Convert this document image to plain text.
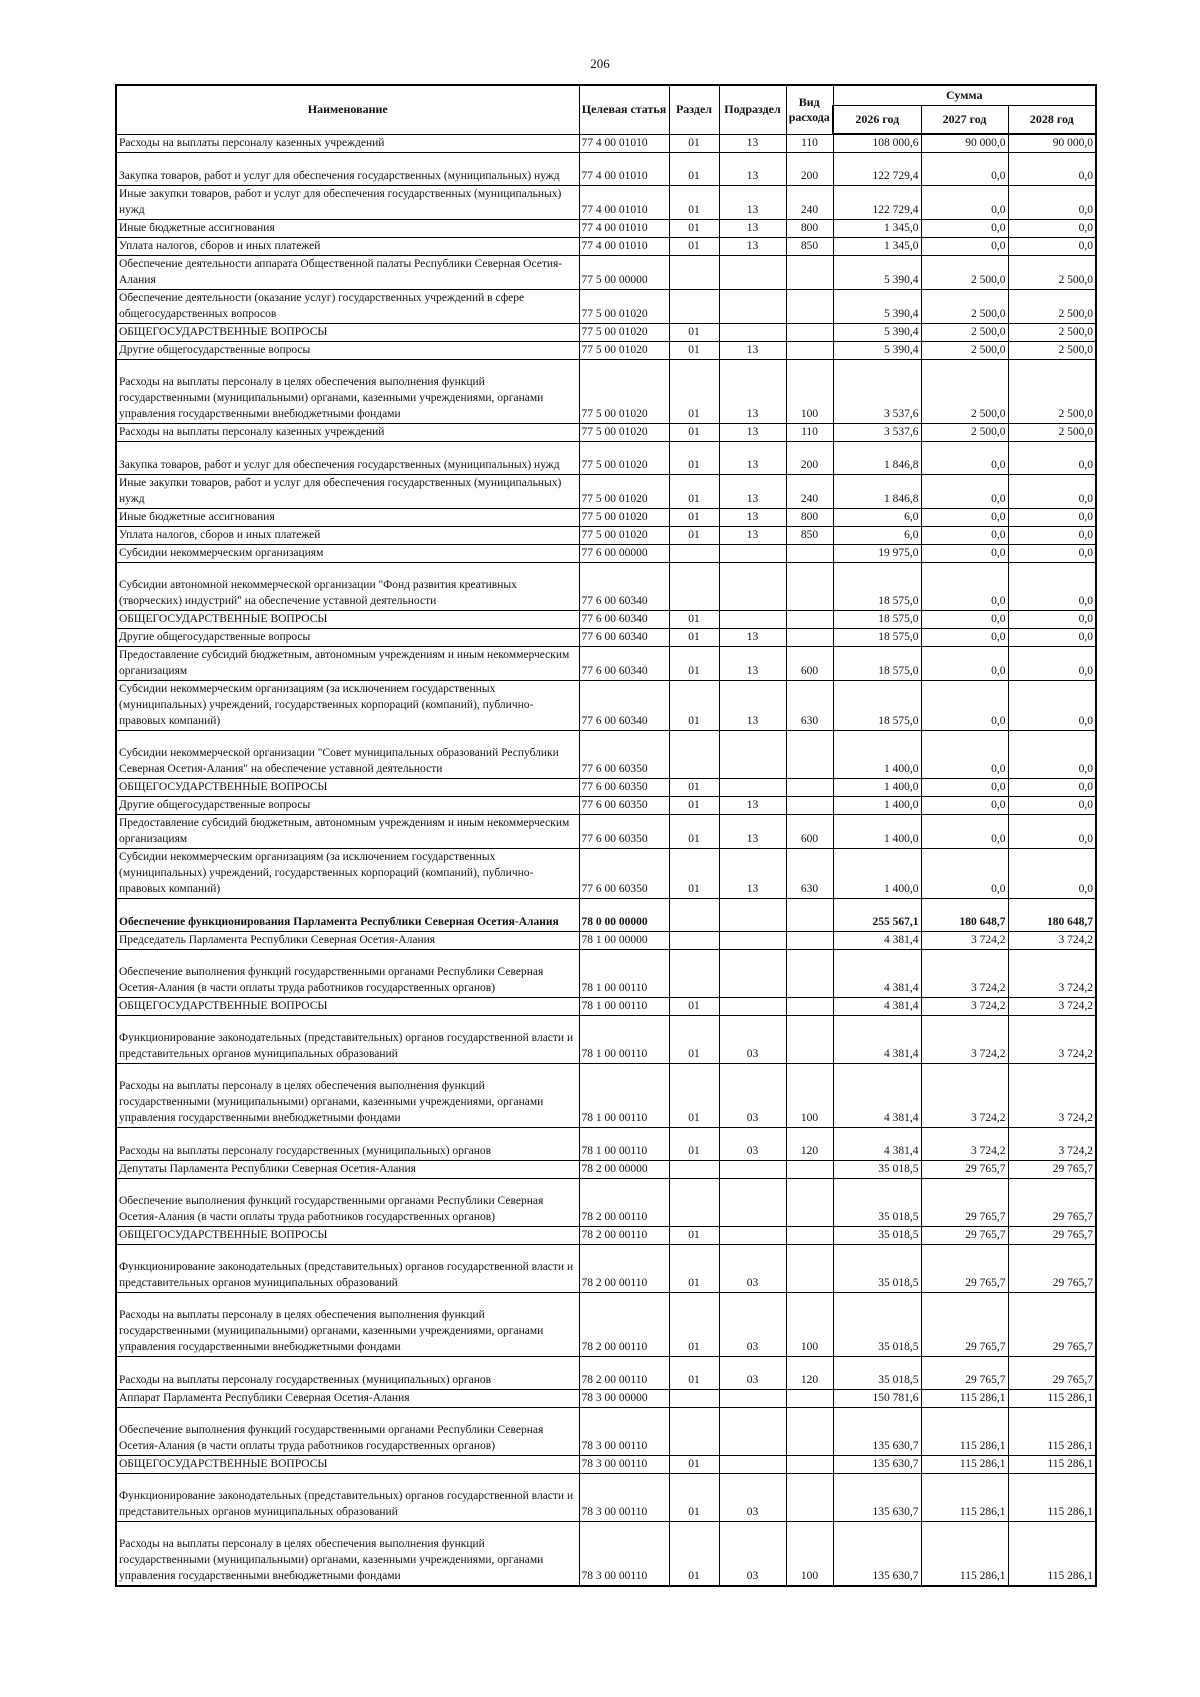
206
Наименование	Целевая статья	Раздел	Подраздел	Вид расхода	Сумма		
					2026 год	2027 год	2028 год
Расходы на выплаты персоналу казенных учреждений	77 4 00 01010	01	13	110	108 000,6	90 000,0	90 000,0
Закупка товаров, работ и услуг для обеспечения государственных (муниципальных) нужд	77 4 00 01010	01	13	200	122 729,4	0,0	0,0
Иные закупки товаров, работ и услуг для обеспечения государственных (муниципальных) нужд	77 4 00 01010	01	13	240	122 729,4	0,0	0,0
Иные бюджетные ассигнования	77 4 00 01010	01	13	800	1 345,0	0,0	0,0
Уплата налогов, сборов и иных платежей	77 4 00 01010	01	13	850	1 345,0	0,0	0,0
Обеспечение деятельности аппарата Общественной палаты Республики Северная Осетия-Алания	77 5 00 00000				5 390,4	2 500,0	2 500,0
Обеспечение деятельности (оказание услуг) государственных учреждений в сфере общегосударственных вопросов	77 5 00 01020				5 390,4	2 500,0	2 500,0
ОБЩЕГОСУДАРСТВЕННЫЕ ВОПРОСЫ	77 5 00 01020	01			5 390,4	2 500,0	2 500,0
Другие общегосударственные вопросы	77 5 00 01020	01	13		5 390,4	2 500,0	2 500,0
Расходы на выплаты персоналу в целях обеспечения выполнения функций государственными (муниципальными) органами, казенными учреждениями, органами управления государственными внебюджетными фондами	77 5 00 01020	01	13	100	3 537,6	2 500,0	2 500,0
Расходы на выплаты персоналу казенных учреждений	77 5 00 01020	01	13	110	3 537,6	2 500,0	2 500,0
Закупка товаров, работ и услуг для обеспечения государственных (муниципальных) нужд	77 5 00 01020	01	13	200	1 846,8	0,0	0,0
Иные закупки товаров, работ и услуг для обеспечения государственных (муниципальных) нужд	77 5 00 01020	01	13	240	1 846,8	0,0	0,0
Иные бюджетные ассигнования	77 5 00 01020	01	13	800	6,0	0,0	0,0
Уплата налогов, сборов и иных платежей	77 5 00 01020	01	13	850	6,0	0,0	0,0
Субсидии некоммерческим организациям	77 6 00 00000				19 975,0	0,0	0,0
Субсидии автономной некоммерческой организации "Фонд развития креативных (творческих) индустрий" на обеспечение уставной деятельности	77 6 00 60340				18 575,0	0,0	0,0
ОБЩЕГОСУДАРСТВЕННЫЕ ВОПРОСЫ	77 6 00 60340	01			18 575,0	0,0	0,0
Другие общегосударственные вопросы	77 6 00 60340	01	13		18 575,0	0,0	0,0
Предоставление субсидий бюджетным, автономным учреждениям и иным некоммерческим организациям	77 6 00 60340	01	13	600	18 575,0	0,0	0,0
Субсидии некоммерческим организациям (за исключением государственных (муниципальных) учреждений, государственных корпораций (компаний), публично-правовых компаний)	77 6 00 60340	01	13	630	18 575,0	0,0	0,0
Субсидии некоммерческой организации "Совет муниципальных образований Республики Северная Осетия-Алания" на обеспечение уставной деятельности	77 6 00 60350				1 400,0	0,0	0,0
ОБЩЕГОСУДАРСТВЕННЫЕ ВОПРОСЫ	77 6 00 60350	01			1 400,0	0,0	0,0
Другие общегосударственные вопросы	77 6 00 60350	01	13		1 400,0	0,0	0,0
Предоставление субсидий бюджетным, автономным учреждениям и иным некоммерческим организациям	77 6 00 60350	01	13	600	1 400,0	0,0	0,0
Субсидии некоммерческим организациям (за исключением государственных (муниципальных) учреждений, государственных корпораций (компаний), публично-правовых компаний)	77 6 00 60350	01	13	630	1 400,0	0,0	0,0
Обеспечение функционирования Парламента Республики Северная Осетия-Алания	78 0 00 00000				255 567,1	180 648,7	180 648,7
Председатель Парламента Республики Северная Осетия-Алания	78 1 00 00000				4 381,4	3 724,2	3 724,2
Обеспечение выполнения функций государственными органами Республики Северная Осетия-Алания (в части оплаты труда работников государственных органов)	78 1 00 00110				4 381,4	3 724,2	3 724,2
ОБЩЕГОСУДАРСТВЕННЫЕ ВОПРОСЫ	78 1 00 00110	01			4 381,4	3 724,2	3 724,2
Функционирование законодательных (представительных) органов государственной власти и представительных органов муниципальных образований	78 1 00 00110	01	03		4 381,4	3 724,2	3 724,2
Расходы на выплаты персоналу в целях обеспечения выполнения функций государственными (муниципальными) органами, казенными учреждениями, органами управления государственными внебюджетными фондами	78 1 00 00110	01	03	100	4 381,4	3 724,2	3 724,2
Расходы на выплаты персоналу государственных (муниципальных) органов	78 1 00 00110	01	03	120	4 381,4	3 724,2	3 724,2
Депутаты Парламента Республики Северная Осетия-Алания	78 2 00 00000				35 018,5	29 765,7	29 765,7
Обеспечение выполнения функций государственными органами Республики Северная Осетия-Алания (в части оплаты труда работников государственных органов)	78 2 00 00110				35 018,5	29 765,7	29 765,7
ОБЩЕГОСУДАРСТВЕННЫЕ ВОПРОСЫ	78 2 00 00110	01			35 018,5	29 765,7	29 765,7
Функционирование законодательных (представительных) органов государственной власти и представительных органов муниципальных образований	78 2 00 00110	01	03		35 018,5	29 765,7	29 765,7
Расходы на выплаты персоналу в целях обеспечения выполнения функций государственными (муниципальными) органами, казенными учреждениями, органами управления государственными внебюджетными фондами	78 2 00 00110	01	03	100	35 018,5	29 765,7	29 765,7
Расходы на выплаты персоналу государственных (муниципальных) органов	78 2 00 00110	01	03	120	35 018,5	29 765,7	29 765,7
Аппарат Парламента Республики Северная Осетия-Алания	78 3 00 00000				150 781,6	115 286,1	115 286,1
Обеспечение выполнения функций государственными органами Республики Северная Осетия-Алания (в части оплаты труда работников государственных органов)	78 3 00 00110				135 630,7	115 286,1	115 286,1
ОБЩЕГОСУДАРСТВЕННЫЕ ВОПРОСЫ	78 3 00 00110	01			135 630,7	115 286,1	115 286,1
Функционирование законодательных (представительных) органов государственной власти и представительных органов муниципальных образований	78 3 00 00110	01	03		135 630,7	115 286,1	115 286,1
Расходы на выплаты персоналу в целях обеспечения выполнения функций государственными (муниципальными) органами, казенными учреждениями, органами управления государственными внебюджетными фондами	78 3 00 00110	01	03	100	135 630,7	115 286,1	115 286,1
